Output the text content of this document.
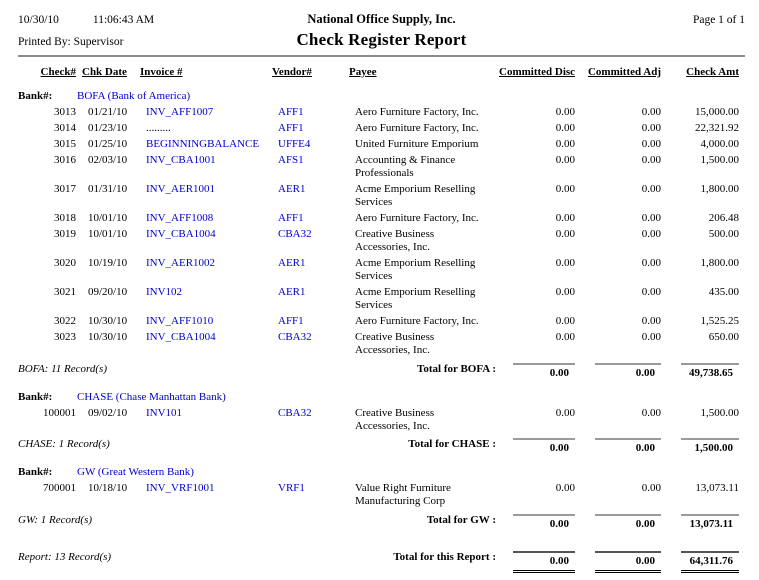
10/30/10	11:06:43 AM	National Office Supply, Inc.	Page 1 of 1
Printed By: Supervisor	Check Register Report
Check#	Chk Date	Invoice #	Vendor#	Payee	Committed Disc	Committed Adj	Check Amt
Bank#: BOFA (Bank of America)							
3013	01/21/10	INV_AFF1007	AFF1	Aero Furniture Factory, Inc.	0.00	0.00	15,000.00
3014	01/23/10	.........	AFF1	Aero Furniture Factory, Inc.	0.00	0.00	22,321.92
3015	01/25/10	BEGINNINGBALANCE	UFFE4	United Furniture Emporium	0.00	0.00	4,000.00
3016	02/03/10	INV_CBA1001	AFS1	Accounting & Finance Professionals	0.00	0.00	1,500.00
3017	01/31/10	INV_AER1001	AER1	Acme Emporium Reselling Services	0.00	0.00	1,800.00
3018	10/01/10	INV_AFF1008	AFF1	Aero Furniture Factory, Inc.	0.00	0.00	206.48
3019	10/01/10	INV_CBA1004	CBA32	Creative Business Accessories, Inc.	0.00	0.00	500.00
3020	10/19/10	INV_AER1002	AER1	Acme Emporium Reselling Services	0.00	0.00	1,800.00
3021	09/20/10	INV102	AER1	Acme Emporium Reselling Services	0.00	0.00	435.00
3022	10/30/10	INV_AFF1010	AFF1	Aero Furniture Factory, Inc.	0.00	0.00	1,525.25
3023	10/30/10	INV_CBA1004	CBA32	Creative Business Accessories, Inc.	0.00	0.00	650.00

BOFA: 11 Record(s) Total for BOFA :					0.00	0.00	49,738.65

Bank#: CHASE (Chase Manhattan Bank)							
100001	09/02/10	INV101	CBA32	Creative Business Accessories, Inc.	0.00	0.00	1,500.00

CHASE: 1 Record(s) Total for CHASE :					0.00	0.00	1,500.00

Bank#: GW (Great Western Bank)							
700001	10/18/10	INV_VRF1001	VRF1	Value Right Furniture Manufacturing Corp	0.00	0.00	13,073.11

GW: 1 Record(s) Total for GW :					0.00	0.00	13,073.11

Report: 13 Record(s) Total for this Report :					0.00	0.00	64,311.76
